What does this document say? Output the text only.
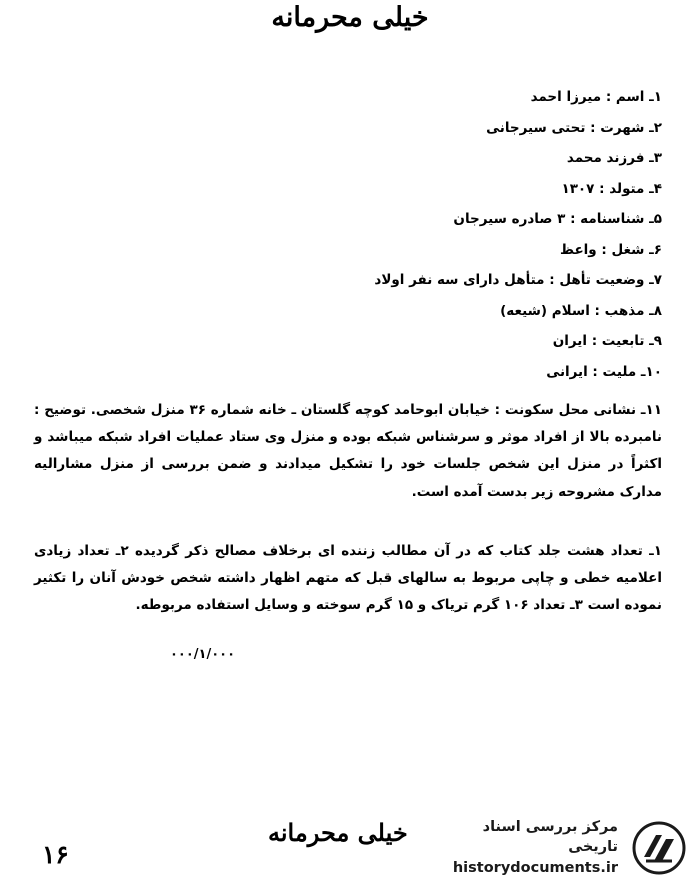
خیلی محرمانه
۱ـ اسم : میرزا احمد
۲ـ شهرت : تحتی سیرجانی
۳ـ فرزند محمد
۴ـ متولد : ۱۳۰۷
۵ـ شناسنامه : ۳ صادره سیرجان
۶ـ شغل : واعظ
۷ـ وضعیت تأهل : متأهل دارای سه نفر اولاد
۸ـ مذهب : اسلام (شیعه)
۹ـ تابعیت : ایران
۱۰ـ ملیت : ایرانی
۱۱ـ نشانی محل سکونت : خیابان ابوحامد کوچه گلستان ـ خانه شماره ۳۶ منزل شخصی. توضیح : نامبرده بالا از افراد موثر و سرشناس شبکه بوده و منزل وی ستاد عملیات افراد شبکه میباشد و اکثراً در منزل این شخص جلسات خود را تشکیل میدادند و ضمن بررسی از منزل مشارالیه مدارک مشروحه زیر بدست آمده است.
۱ـ تعداد هشت جلد کتاب که در آن مطالب زننده ای برخلاف مصالح ذکر گردیده ۲ـ تعداد زیادی اعلامیه خطی و چاپی مربوط به سالهای قبل که متهم اظهار داشته شخص خودش آنان را تکثیر نموده است ۳ـ تعداد ۱۰۶ گرم تریاک و ۱۵ گرم سوخته و وسایل استفاده مربوطه.
۰۰۰/۱/۰۰۰
۱۶
خیلی محرمانه	مرکز بررسی اسناد تاریخی
historydocuments.ir
